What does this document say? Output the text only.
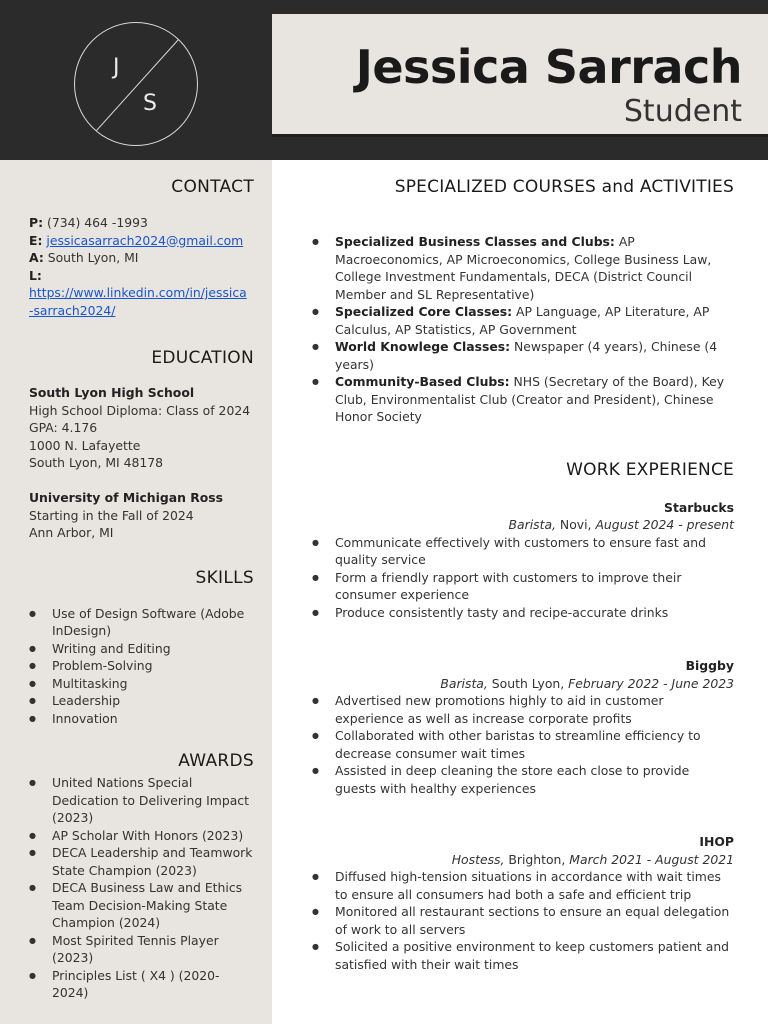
J
S
Jessica Sarrach
Student
CONTACT
P: (734) 464 -1993
E: jessicasarrach2024@gmail.com
A: South Lyon, MI
L: https://www.linkedin.com/in/jessica
-sarrach2024/
EDUCATION
South Lyon High School
High School Diploma: Class of 2024
GPA: 4.176
1000 N. Lafayette
South Lyon, MI 48178
University of Michigan Ross
Starting in the Fall of 2024
Ann Arbor, MI
SKILLS
● Use of Design Software (Adobe InDesign)
● Writing and Editing
● Problem-Solving
● Multitasking
● Leadership
● Innovation
AWARDS
● United Nations Special Dedication to Delivering Impact (2023)
● AP Scholar With Honors (2023)
● DECA Leadership and Teamwork State Champion (2023)
● DECA Business Law and Ethics Team Decision-Making State Champion (2024)
● Most Spirited Tennis Player (2023)
● Principles List ( X4 ) (2020-2024)
SPECIALIZED COURSES and ACTIVITIES
● Specialized Business Classes and Clubs: AP Macroeconomics, AP Microeconomics, College Business Law, College Investment Fundamentals, DECA (District Council Member and SL Representative)
● Specialized Core Classes: AP Language, AP Literature, AP Calculus, AP Statistics, AP Government
● World Knowlege Classes: Newspaper (4 years), Chinese (4 years)
● Community-Based Clubs: NHS (Secretary of the Board), Key Club, Environmentalist Club (Creator and President), Chinese Honor Society
WORK EXPERIENCE
Starbucks
Barista, Novi, August 2024 - present
● Communicate effectively with customers to ensure fast and quality service
● Form a friendly rapport with customers to improve their consumer experience
● Produce consistently tasty and recipe-accurate drinks
Biggby
Barista, South Lyon, February 2022 - June 2023
● Advertised new promotions highly to aid in customer experience as well as increase corporate profits
● Collaborated with other baristas to streamline efficiency to decrease consumer wait times
● Assisted in deep cleaning the store each close to provide guests with healthy experiences
IHOP
Hostess, Brighton, March 2021 - August 2021
● Diffused high-tension situations in accordance with wait times to ensure all consumers had both a safe and efficient trip
● Monitored all restaurant sections to ensure an equal delegation of work to all servers
● Solicited a positive environment to keep customers patient and satisfied with their wait times
